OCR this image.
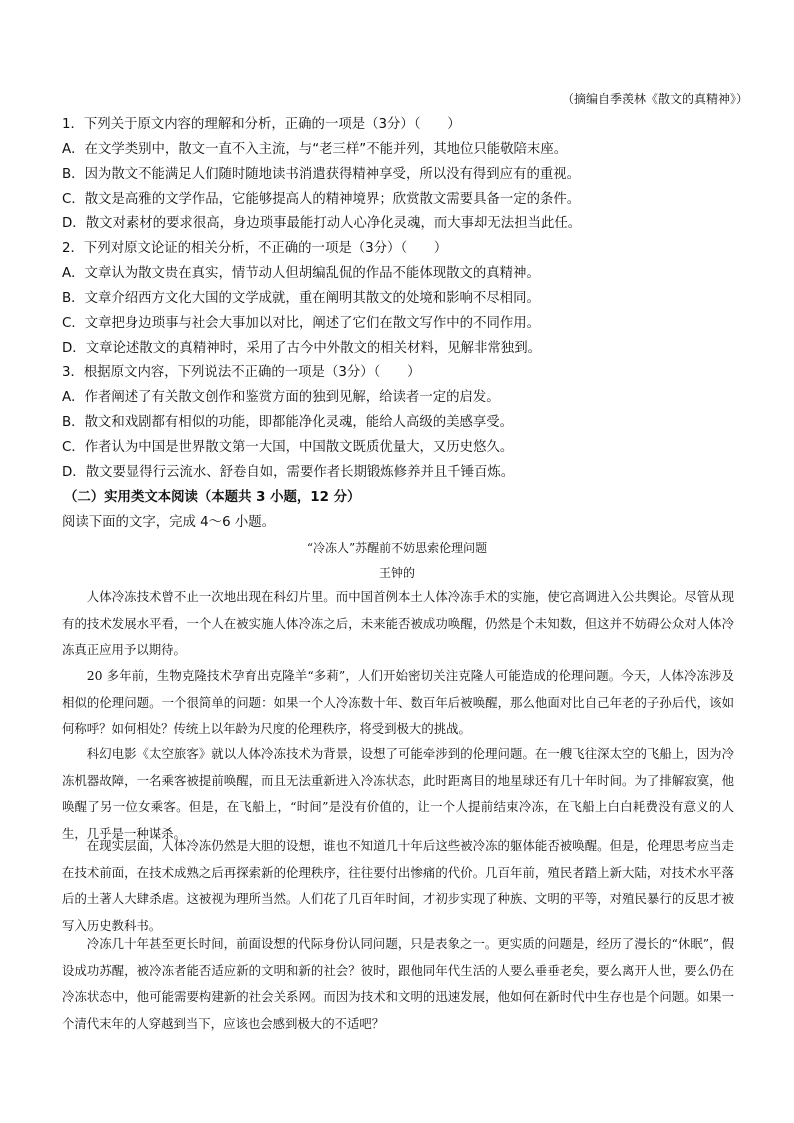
（摘编自季羡林《散文的真精神》）
1．下列关于原文内容的理解和分析，正确的一项是（3分）（　　）
A．在文学类别中，散文一直不入主流，与“老三样”不能并列，其地位只能敬陪末座。
B．因为散文不能满足人们随时随地读书消遣获得精神享受，所以没有得到应有的重视。
C．散文是高雅的文学作品，它能够提高人的精神境界；欣赏散文需要具备一定的条件。
D．散文对素材的要求很高，身边琐事最能打动人心净化灵魂，而大事却无法担当此任。
2．下列对原文论证的相关分析，不正确的一项是（3分）（　　）
A．文章认为散文贵在真实，情节动人但胡编乱侃的作品不能体现散文的真精神。
B．文章介绍西方文化大国的文学成就，重在阐明其散文的处境和影响不尽相同。
C．文章把身边琐事与社会大事加以对比，阐述了它们在散文写作中的不同作用。
D．文章论述散文的真精神时，采用了古今中外散文的相关材料，见解非常独到。
3．根据原文内容，下列说法不正确的一项是（3分）（　　）
A．作者阐述了有关散文创作和鉴赏方面的独到见解，给读者一定的启发。
B．散文和戏剧都有相似的功能，即都能净化灵魂，能给人高级的美感享受。
C．作者认为中国是世界散文第一大国，中国散文既质优量大，又历史悠久。
D．散文要显得行云流水、舒卷自如，需要作者长期锻炼修养并且千锤百炼。
（二）实用类文本阅读（本题共 3 小题，12 分）
阅读下面的文字，完成 4～6 小题。
“冷冻人”苏醒前不妨思索伦理问题
王钟的

人体冷冻技术曾不止一次地出现在科幻片里。而中国首例本土人体冷冻手术的实施，使它高调进入公共舆论。尽管从现有的技术发展水平看，一个人在被实施人体冷冻之后，未来能否被成功唤醒，仍然是个未知数，但这并不妨碍公众对人体冷冻真正应用予以期待。

20 多年前，生物克隆技术孕育出克隆羊“多莉”，人们开始密切关注克隆人可能造成的伦理问题。今天，人体冷冻涉及相似的伦理问题。一个很简单的问题：如果一个人冷冻数十年、数百年后被唤醒，那么他面对比自己年老的子孙后代，该如何称呼？如何相处？传统上以年龄为尺度的伦理秩序，将受到极大的挑战。

科幻电影《太空旅客》就以人体冷冻技术为背景，设想了可能牵涉到的伦理问题。在一艘飞往深太空的飞船上，因为冷冻机器故障，一名乘客被提前唤醒，而且无法重新进入冷冻状态，此时距离目的地星球还有几十年时间。为了排解寂寞，他唤醒了另一位女乘客。但是，在飞船上，“时间”是没有价值的，让一个人提前结束冷冻，在飞船上白白耗费没有意义的人生，几乎是一种谋杀。

在现实层面，人体冷冻仍然是大胆的设想，谁也不知道几十年后这些被冷冻的躯体能否被唤醒。但是，伦理思考应当走在技术前面，在技术成熟之后再探索新的伦理秩序，往往要付出惨痛的代价。几百年前，殖民者踏上新大陆，对技术水平落后的土著人大肆杀虐。这被视为理所当然。人们花了几百年时间，才初步实现了种族、文明的平等，对殖民暴行的反思才被写入历史教科书。

冷冻几十年甚至更长时间，前面设想的代际身份认同问题，只是表象之一。更实质的问题是，经历了漫长的“休眠”，假设成功苏醒，被冷冻者能否适应新的文明和新的社会？彼时，跟他同年代生活的人要么垂垂老矣，要么离开人世，要么仍在冷冻状态中，他可能需要构建新的社会关系网。而因为技术和文明的迅速发展，他如何在新时代中生存也是个问题。如果一个清代末年的人穿越到当下，应该也会感到极大的不适吧？
